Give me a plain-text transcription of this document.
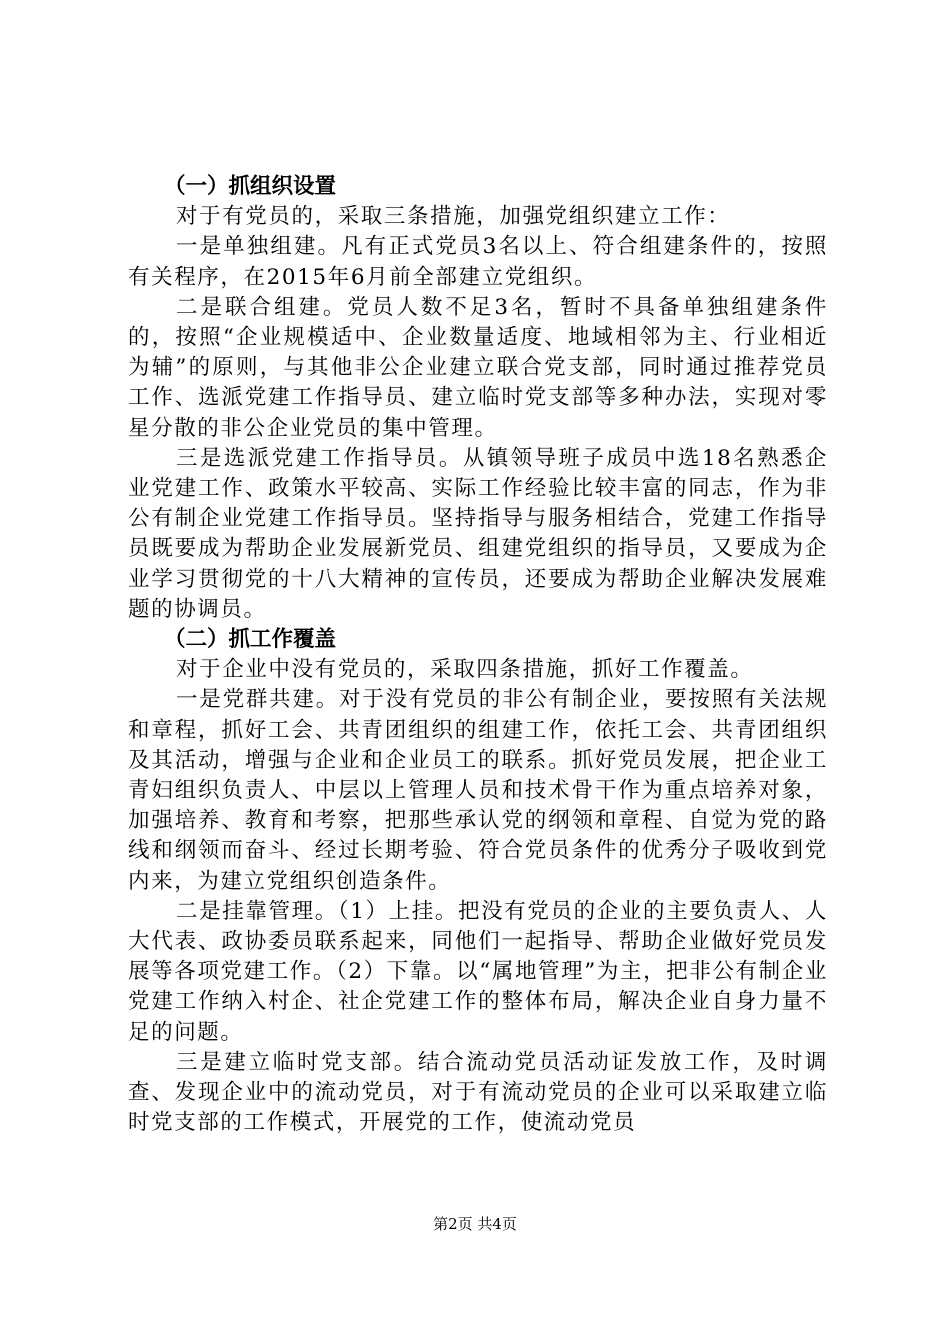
（一）抓组织设置

对于有党员的，采取三条措施，加强党组织建立工作：

一是单独组建。凡有正式党员3名以上、符合组建条件的，按照有关程序，在2015年6月前全部建立党组织。

二是联合组建。党员人数不足3名，暂时不具备单独组建条件的，按照“企业规模适中、企业数量适度、地域相邻为主、行业相近为辅”的原则，与其他非公企业建立联合党支部，同时通过推荐党员工作、选派党建工作指导员、建立临时党支部等多种办法，实现对零星分散的非公企业党员的集中管理。

三是选派党建工作指导员。从镇领导班子成员中选18名熟悉企业党建工作、政策水平较高、实际工作经验比较丰富的同志，作为非公有制企业党建工作指导员。坚持指导与服务相结合，党建工作指导员既要成为帮助企业发展新党员、组建党组织的指导员，又要成为企业学习贯彻党的十八大精神的宣传员，还要成为帮助企业解决发展难题的协调员。

（二）抓工作覆盖

对于企业中没有党员的，采取四条措施，抓好工作覆盖。

一是党群共建。对于没有党员的非公有制企业，要按照有关法规和章程，抓好工会、共青团组织的组建工作，依托工会、共青团组织及其活动，增强与企业和企业员工的联系。抓好党员发展，把企业工青妇组织负责人、中层以上管理人员和技术骨干作为重点培养对象，加强培养、教育和考察，把那些承认党的纲领和章程、自觉为党的路线和纲领而奋斗、经过长期考验、符合党员条件的优秀分子吸收到党内来，为建立党组织创造条件。

二是挂靠管理。（1）上挂。把没有党员的企业的主要负责人、人大代表、政协委员联系起来，同他们一起指导、帮助企业做好党员发展等各项党建工作。（2）下靠。以“属地管理”为主，把非公有制企业党建工作纳入村企、社企党建工作的整体布局，解决企业自身力量不足的问题。

三是建立临时党支部。结合流动党员活动证发放工作，及时调查、发现企业中的流动党员，对于有流动党员的企业可以采取建立临时党支部的工作模式，开展党的工作，使流动党员

第2页 共4页
